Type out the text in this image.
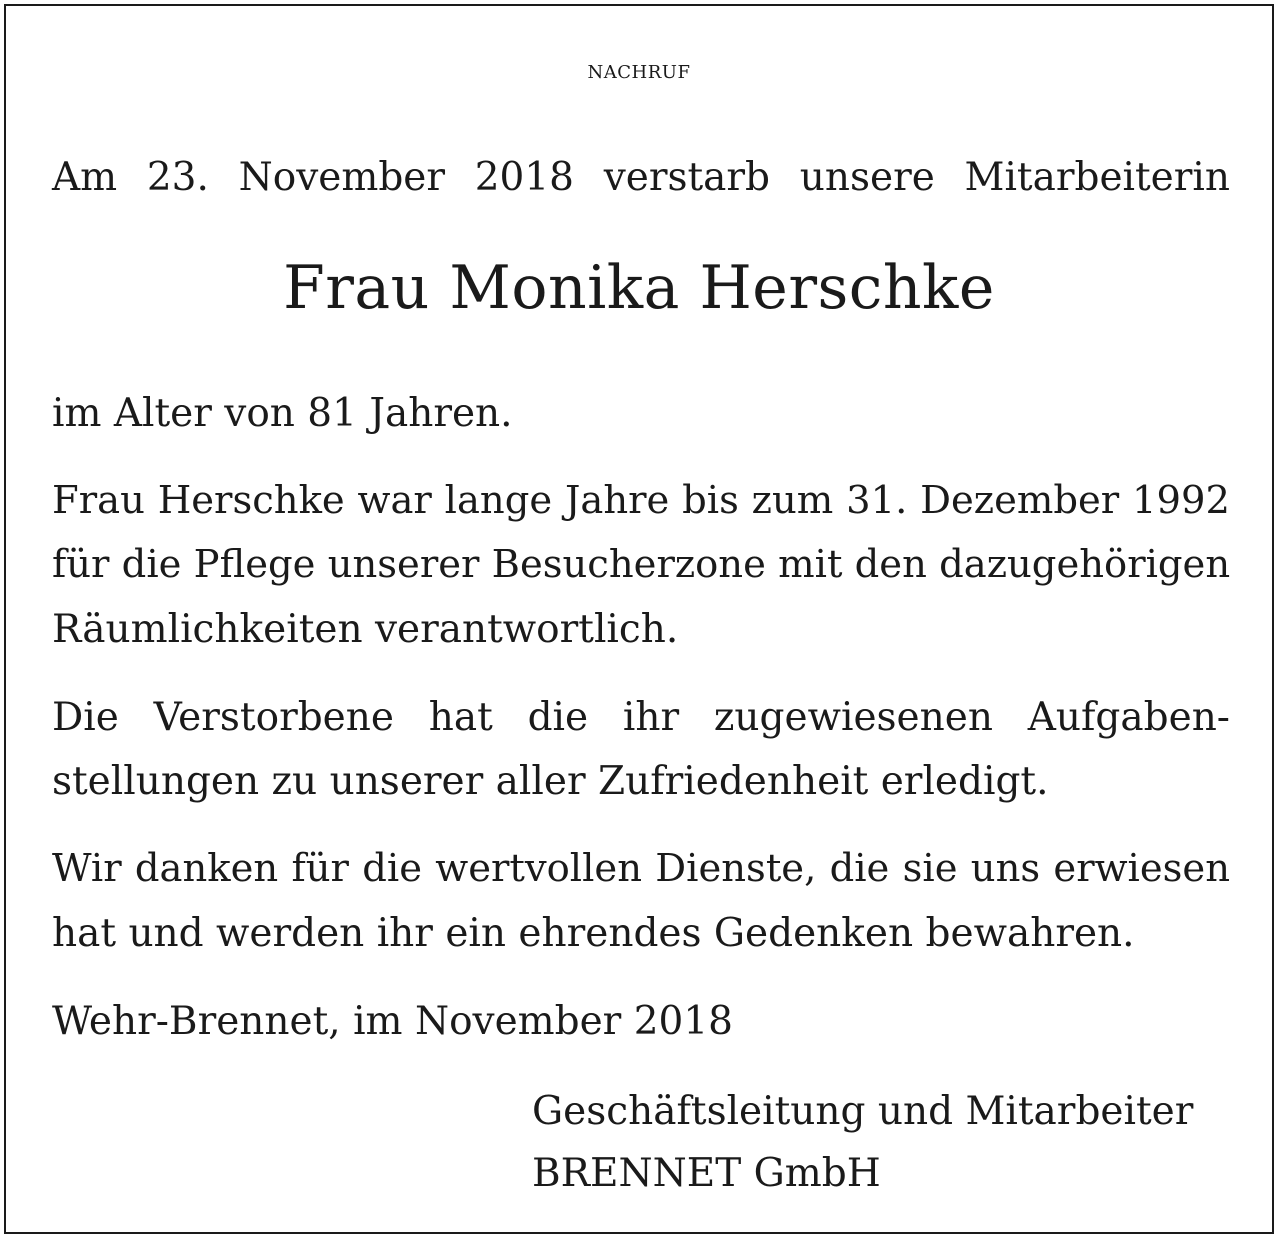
NACHRUF
Am 23. November 2018 verstarb unsere Mitarbeiterin
Frau Monika Herschke
im Alter von 81 Jahren.
Frau Herschke war lange Jahre bis zum 31. Dezember 1992
für die Pflege unserer Besucherzone mit den dazugehörigen
Räumlichkeiten verantwortlich.
Die Verstorbene hat die ihr zugewiesenen Aufgaben-
stellungen zu unserer aller Zufriedenheit erledigt.
Wir danken für die wertvollen Dienste, die sie uns erwiesen
hat und werden ihr ein ehrendes Gedenken bewahren.
Wehr-Brennet, im November 2018
Geschäftsleitung und Mitarbeiter
BRENNET GmbH
